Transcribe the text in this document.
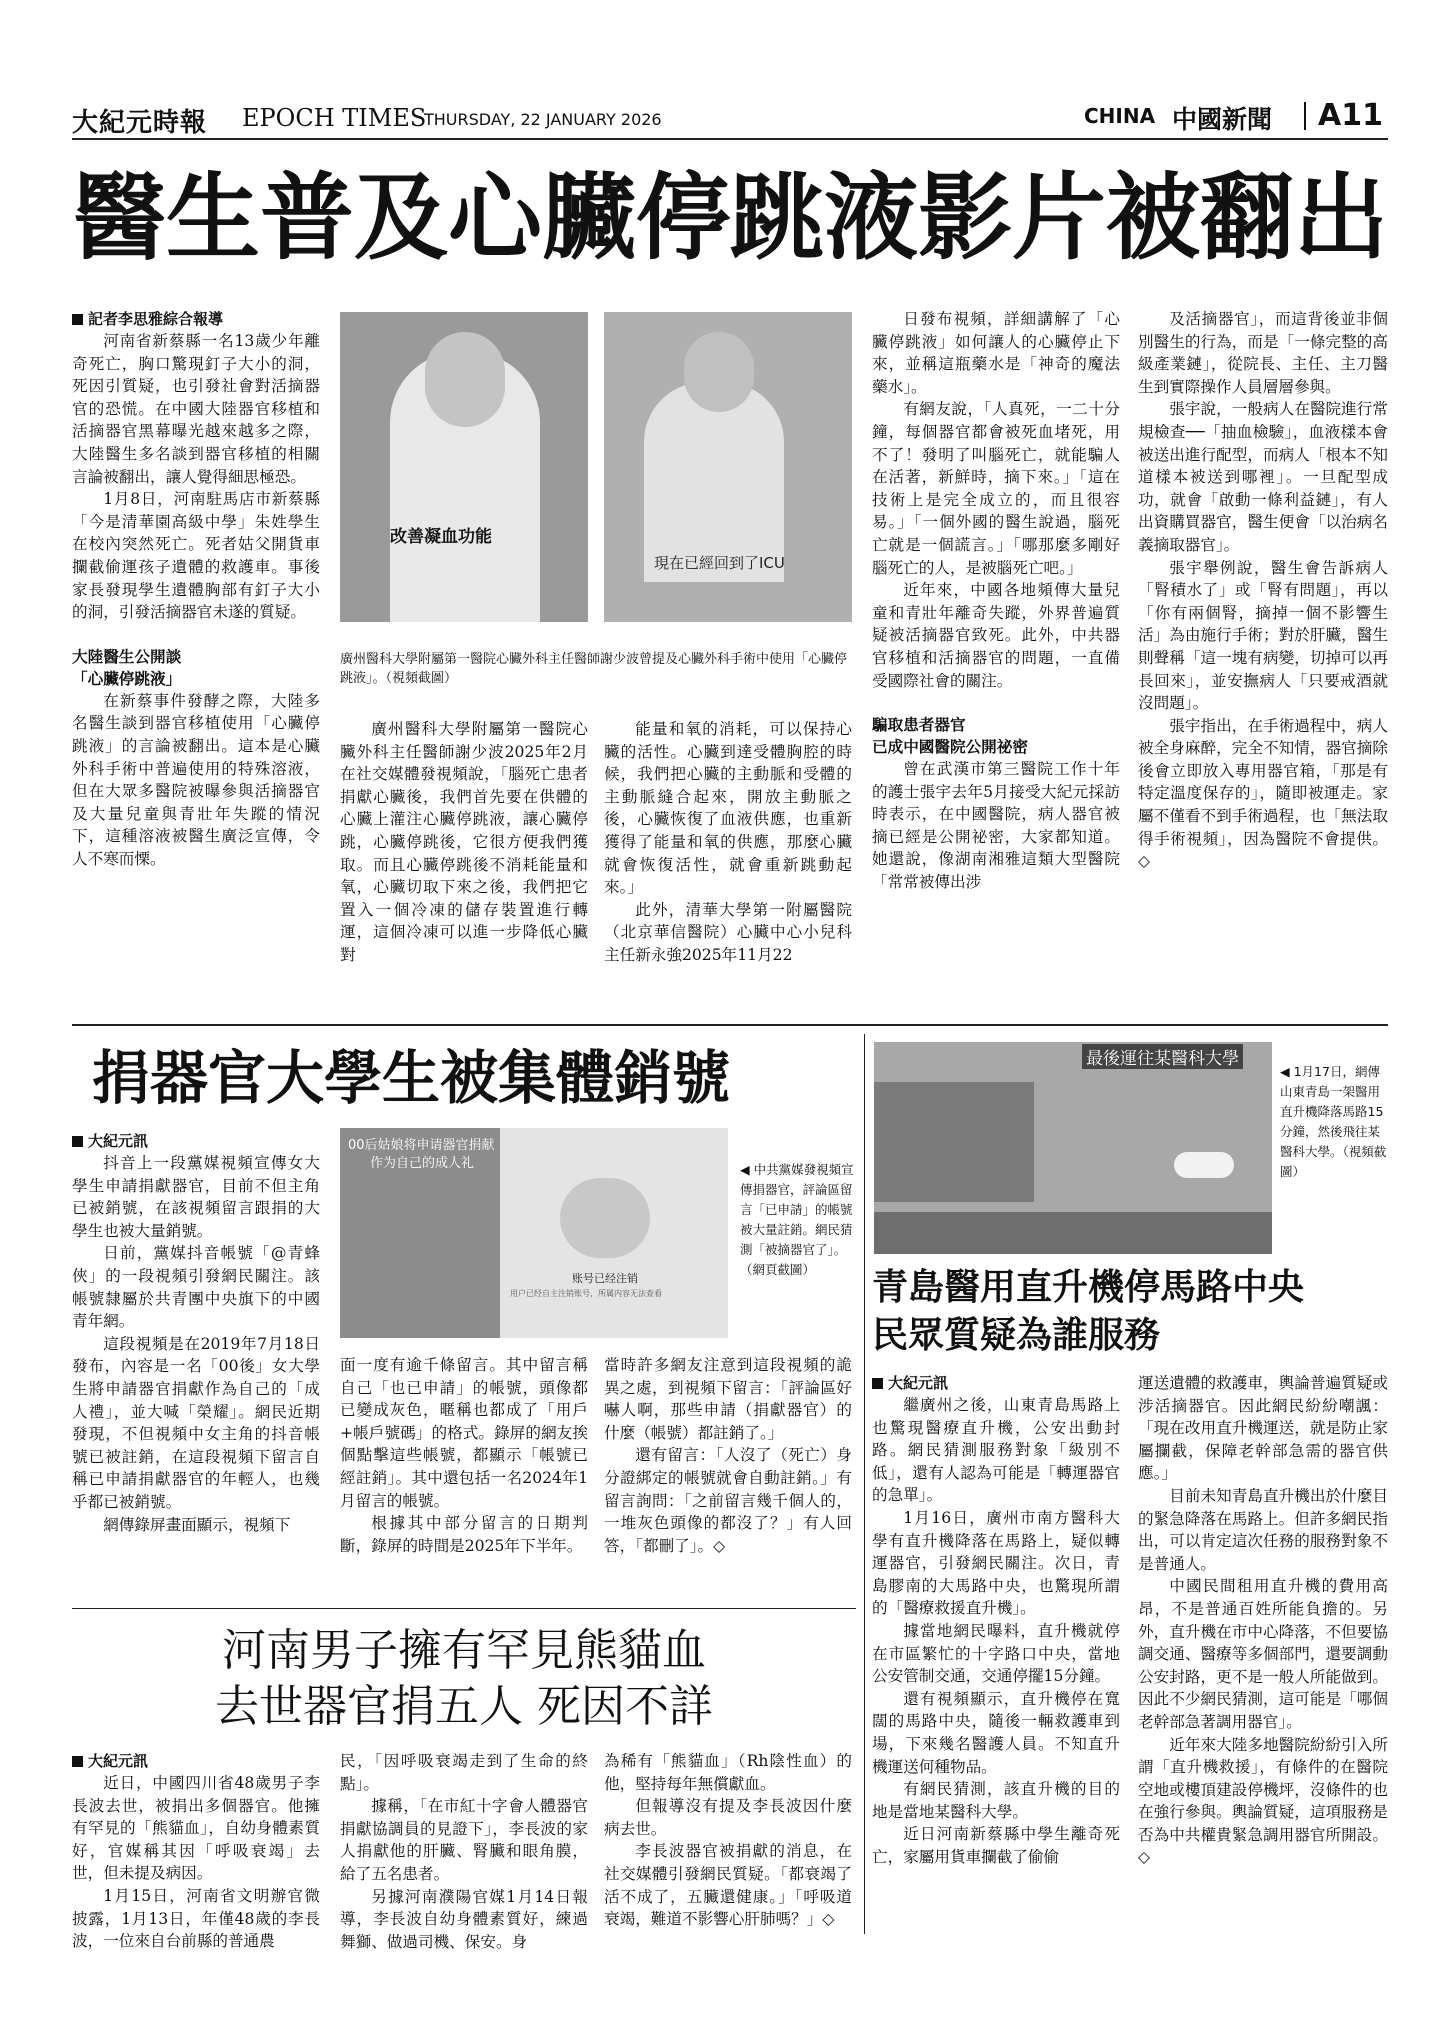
大紀元時報 EPOCH TIMES
THURSDAY, 22 JANUARY 2026	CHINA 中國新聞 A11
醫生普及心臟停跳液影片被翻出
記者李思雅綜合報導
河南省新蔡縣一名13歲少年離奇死亡，胸口驚現釘子大小的洞，死因引質疑，也引發社會對活摘器官的恐慌。在中國大陸器官移植和活摘器官黑幕曝光越來越多之際，大陸醫生多名談到器官移植的相關言論被翻出，讓人覺得細思極恐。
1月8日，河南駐馬店市新蔡縣「今是清華園高級中學」朱姓學生在校內突然死亡。死者姑父開貨車攔截偷運孩子遺體的救護車。事後家長發現學生遺體胸部有釘子大小的洞，引發活摘器官未遂的質疑。
大陸醫生公開談
「心臟停跳液」
在新蔡事件發酵之際，大陸多名醫生談到器官移植使用「心臟停跳液」的言論被翻出。這本是心臟外科手術中普遍使用的特殊溶液，但在大眾多醫院被曝參與活摘器官及大量兒童與青壯年失蹤的情況下，這種溶液被醫生廣泛宣傳，令人不寒而慄。
改善凝血功能
現在已經回到了ICU
廣州醫科大學附屬第一醫院心臟外科主任醫師謝少波曾提及心臟外科手術中使用「心臟停跳液」。（視頻截圖）
廣州醫科大學附屬第一醫院心臟外科主任醫師謝少波2025年2月在社交媒體發視頻說，「腦死亡患者捐獻心臟後，我們首先要在供體的心臟上灌注心臟停跳液，讓心臟停跳，心臟停跳後，它很方便我們獲取。而且心臟停跳後不消耗能量和氧，心臟切取下來之後，我們把它置入一個冷凍的儲存裝置進行轉運，這個冷凍可以進一步降低心臟對
能量和氧的消耗，可以保持心臟的活性。心臟到達受體胸腔的時候，我們把心臟的主動脈和受體的主動脈縫合起來，開放主動脈之後，心臟恢復了血液供應，也重新獲得了能量和氧的供應，那麼心臟就會恢復活性，就會重新跳動起來。」
此外，清華大學第一附屬醫院（北京華信醫院）心臟中心小兒科主任新永強2025年11月22
日發布視頻，詳細講解了「心臟停跳液」如何讓人的心臟停止下來，並稱這瓶藥水是「神奇的魔法藥水」。
有網友說，「人真死，一二十分鐘，每個器官都會被死血堵死，用不了！發明了叫腦死亡，就能騙人在活著，新鮮時，摘下來。」「這在技術上是完全成立的，而且很容易。」「一個外國的醫生說過，腦死亡就是一個謊言。」「哪那麼多剛好腦死亡的人，是被腦死亡吧。」
近年來，中國各地頻傳大量兒童和青壯年離奇失蹤，外界普遍質疑被活摘器官致死。此外，中共器官移植和活摘器官的問題，一直備受國際社會的關注。
騙取患者器官
已成中國醫院公開祕密
曾在武漢市第三醫院工作十年的護士張宇去年5月接受大紀元採訪時表示，在中國醫院，病人器官被摘已經是公開祕密，大家都知道。她還說，像湖南湘雅這類大型醫院「常常被傳出涉
及活摘器官」，而這背後並非個別醫生的行為，而是「一條完整的高級產業鏈」，從院長、主任、主刀醫生到實際操作人員層層參與。
張宇說，一般病人在醫院進行常規檢查──「抽血檢驗」，血液樣本會被送出進行配型，而病人「根本不知道樣本被送到哪裡」。一旦配型成功，就會「啟動一條利益鏈」，有人出資購買器官，醫生便會「以治病名義摘取器官」。
張宇舉例說，醫生會告訴病人「腎積水了」或「腎有問題」，再以「你有兩個腎，摘掉一個不影響生活」為由施行手術；對於肝臟，醫生則聲稱「這一塊有病變，切掉可以再長回來」，並安撫病人「只要戒酒就沒問題」。
張宇指出，在手術過程中，病人被全身麻醉，完全不知情，器官摘除後會立即放入專用器官箱，「那是有特定溫度保存的」，隨即被運走。家屬不僅看不到手術過程，也「無法取得手術視頻」，因為醫院不會提供。◇
捐器官大學生被集體銷號
大紀元訊
抖音上一段黨媒視頻宣傳女大學生申請捐獻器官，目前不但主角已被銷號，在該視頻留言跟捐的大學生也被大量銷號。
日前，黨媒抖音帳號「@青蜂俠」的一段視頻引發網民關注。該帳號隸屬於共青團中央旗下的中國青年網。
這段視頻是在2019年7月18日發布，內容是一名「00後」女大學生將申請器官捐獻作為自己的「成人禮」，並大喊「榮耀」。網民近期發現，不但視頻中女主角的抖音帳號已被註銷，在這段視頻下留言自稱已申請捐獻器官的年輕人，也幾乎都已被銷號。
網傳錄屏畫面顯示，視頻下
00后姑娘将申请器官捐献
作为自己的成人礼
账号已经注销
用户已经自主注销账号，所属内容无法查看
◀ 中共黨媒發視頻宣傳捐器官，評論區留言「已申請」的帳號被大量註銷。網民猜測「被摘器官了」。（網頁截圖）
面一度有逾千條留言。其中留言稱自己「也已申請」的帳號，頭像都已變成灰色，暱稱也都成了「用戶+帳戶號碼」的格式。錄屏的網友挨個點擊這些帳號，都顯示「帳號已經註銷」。其中還包括一名2024年1月留言的帳號。
根據其中部分留言的日期判斷，錄屏的時間是2025年下半年。
當時許多網友注意到這段視頻的詭異之處，到視頻下留言：「評論區好嚇人啊，那些申請（捐獻器官）的什麼（帳號）都註銷了。」
還有留言：「人沒了（死亡）身分證綁定的帳號就會自動註銷。」有留言詢問：「之前留言幾千個人的，一堆灰色頭像的都沒了？」有人回答，「都刪了」。◇
河南男子擁有罕見熊貓血
去世器官捐五人 死因不詳
大紀元訊
近日，中國四川省48歲男子李長波去世，被捐出多個器官。他擁有罕見的「熊貓血」，自幼身體素質好，官媒稱其因「呼吸衰竭」去世，但未提及病因。
1月15日，河南省文明辦官微披露，1月13日，年僅48歲的李長波，一位來自台前縣的普通農
民，「因呼吸衰竭走到了生命的終點」。
據稱，「在市紅十字會人體器官捐獻協調員的見證下」，李長波的家人捐獻他的肝臟、腎臟和眼角膜，給了五名患者。
另據河南濮陽官媒1月14日報導，李長波自幼身體素質好，練過舞獅、做過司機、保安。身
為稀有「熊貓血」（Rh陰性血）的他，堅持每年無償獻血。
但報導沒有提及李長波因什麼病去世。
李長波器官被捐獻的消息，在社交媒體引發網民質疑。「都衰竭了活不成了，五臟還健康。」「呼吸道衰竭，難道不影響心肝肺嗎？」◇
最後運往某醫科大學
◀ 1月17日，網傳山東青島一架醫用直升機降落馬路15分鐘，然後飛往某醫科大學。（視頻截圖）
青島醫用直升機停馬路中央
民眾質疑為誰服務
大紀元訊
繼廣州之後，山東青島馬路上也驚現醫療直升機，公安出動封路。網民猜測服務對象「級別不低」，還有人認為可能是「轉運器官的急單」。
1月16日，廣州市南方醫科大學有直升機降落在馬路上，疑似轉運器官，引發網民關注。次日，青島膠南的大馬路中央，也驚現所謂的「醫療救援直升機」。
據當地網民曝料，直升機就停在市區繁忙的十字路口中央，當地公安管制交通，交通停擺15分鐘。
還有視頻顯示，直升機停在寬闊的馬路中央，隨後一輛救護車到場，下來幾名醫護人員。不知直升機運送何種物品。
有網民猜測，該直升機的目的地是當地某醫科大學。
近日河南新蔡縣中學生離奇死亡，家屬用貨車攔截了偷偷
運送遺體的救護車，輿論普遍質疑或涉活摘器官。因此網民紛紛嘲諷：「現在改用直升機運送，就是防止家屬攔截，保障老幹部急需的器官供應。」
目前未知青島直升機出於什麼目的緊急降落在馬路上。但許多網民指出，可以肯定這次任務的服務對象不是普通人。
中國民間租用直升機的費用高昂，不是普通百姓所能負擔的。另外，直升機在市中心降落，不但要協調交通、醫療等多個部門，還要調動公安封路，更不是一般人所能做到。因此不少網民猜測，這可能是「哪個老幹部急著調用器官」。
近年來大陸多地醫院紛紛引入所謂「直升機救援」，有條件的在醫院空地或樓頂建設停機坪，沒條件的也在強行參與。輿論質疑，這項服務是否為中共權貴緊急調用器官所開設。◇
